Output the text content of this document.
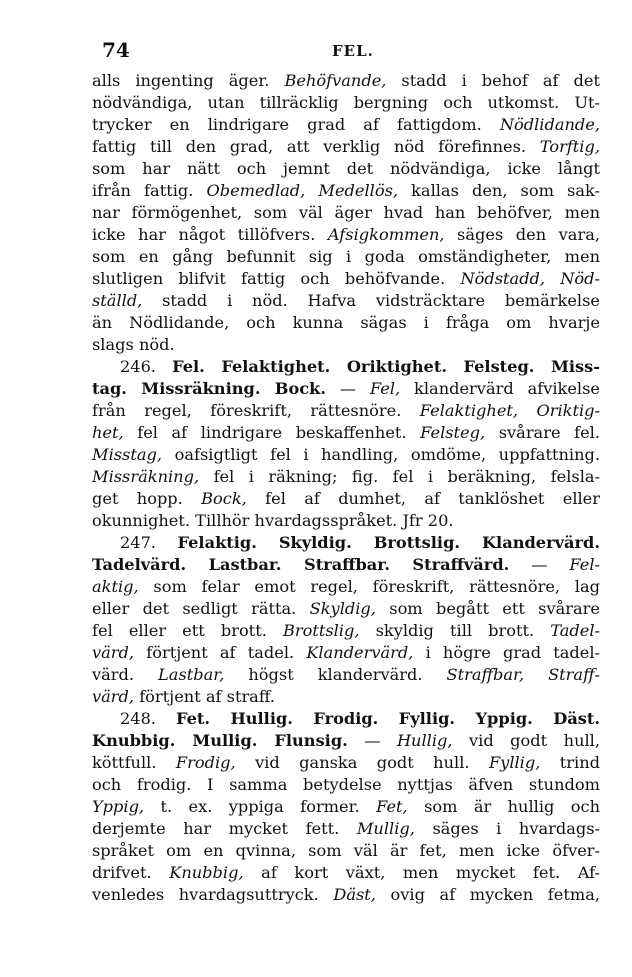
74	FEL.
alls ingenting äger. Behöfvande, stadd i behof af det
nödvändiga, utan tillräcklig bergning och utkomst. Ut-
trycker en lindrigare grad af fattigdom. Nödlidande,
fattig till den grad, att verklig nöd förefinnes. Torftig,
som har nätt och jemnt det nödvändiga, icke långt
ifrån fattig. Obemedlad, Medellös, kallas den, som sak-
nar förmögenhet, som väl äger hvad han behöfver, men
icke har något tillöfvers. Afsigkommen, säges den vara,
som en gång befunnit sig i goda omständigheter, men
slutligen blifvit fattig och behöfvande. Nödstadd, Nöd-
ställd, stadd i nöd. Hafva vidsträcktare bemärkelse
än Nödlidande, och kunna sägas i fråga om hvarje
slags nöd.
246. Fel. Felaktighet. Oriktighet. Felsteg. Miss-
tag. Missräkning. Bock. — Fel, klandervärd afvikelse
från regel, föreskrift, rättesnöre. Felaktighet, Oriktig-
het, fel af lindrigare beskaffenhet. Felsteg, svårare fel.
Misstag, oafsigtligt fel i handling, omdöme, uppfattning.
Missräkning, fel i räkning; fig. fel i beräkning, felsla-
get hopp. Bock, fel af dumhet, af tanklöshet eller
okunnighet. Tillhör hvardagsspråket. Jfr 20.
247. Felaktig. Skyldig. Brottslig. Klandervärd.
Tadelvärd. Lastbar. Straffbar. Straffvärd. — Fel-
aktig, som felar emot regel, föreskrift, rättesnöre, lag
eller det sedligt rätta. Skyldig, som begått ett svårare
fel eller ett brott. Brottslig, skyldig till brott. Tadel-
värd, förtjent af tadel. Klandervärd, i högre grad tadel-
värd. Lastbar, högst klandervärd. Straffbar, Straff-
värd, förtjent af straff.
248. Fet. Hullig. Frodig. Fyllig. Yppig. Däst.
Knubbig. Mullig. Flunsig. — Hullig, vid godt hull,
köttfull. Frodig, vid ganska godt hull. Fyllig, trind
och frodig. I samma betydelse nyttjas äfven stundom
Yppig, t. ex. yppiga former. Fet, som är hullig och
derjemte har mycket fett. Mullig, säges i hvardags-
språket om en qvinna, som väl är fet, men icke öfver-
drifvet. Knubbig, af kort växt, men mycket fet. Af-
venledes hvardagsuttryck. Däst, ovig af mycken fetma,
